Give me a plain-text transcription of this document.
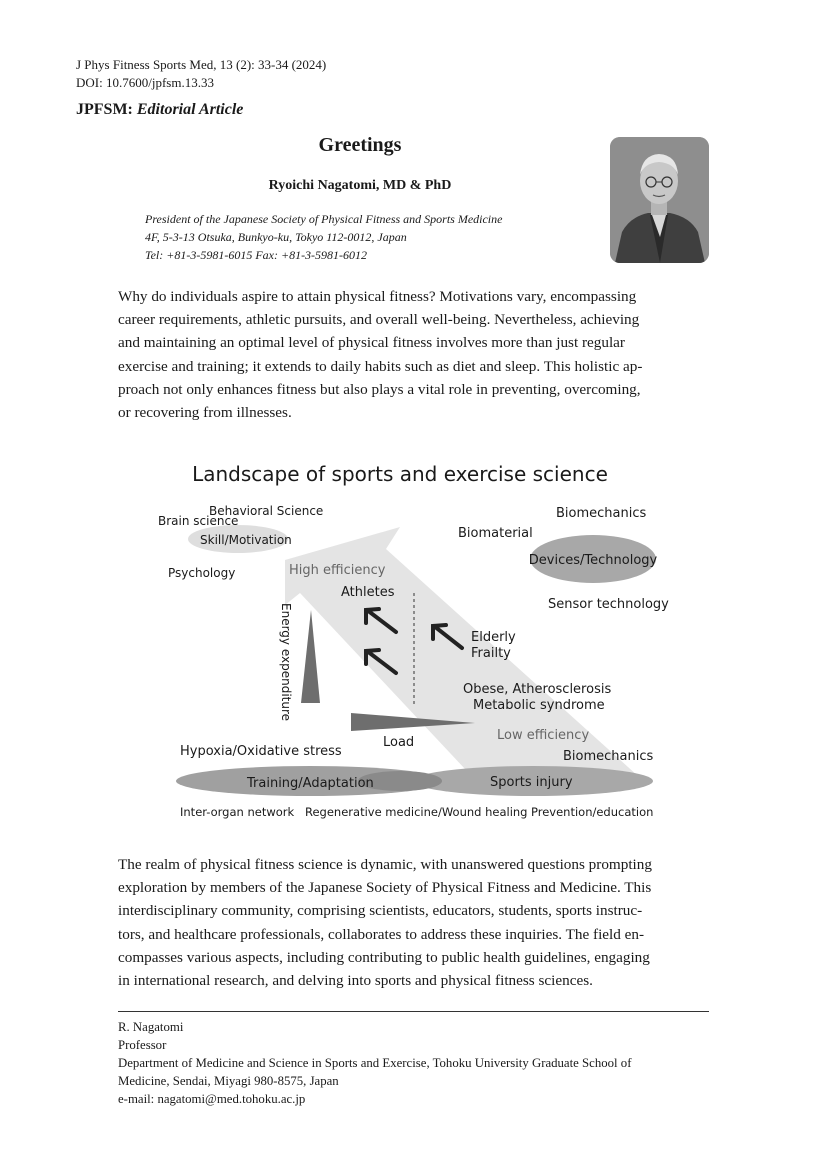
J Phys Fitness Sports Med, 13 (2): 33-34 (2024)
DOI: 10.7600/jpfsm.13.33
JPFSM: Editorial Article
Greetings
Ryoichi Nagatomi, MD & PhD
President of the Japanese Society of Physical Fitness and Sports Medicine
4F, 5-3-13 Otsuka, Bunkyo-ku, Tokyo 112-0012, Japan
Tel: +81-3-5981-6015 Fax: +81-3-5981-6012
Why do individuals aspire to attain physical fitness? Motivations vary, encompassing
career requirements, athletic pursuits, and overall well-being. Nevertheless, achieving
and maintaining an optimal level of physical fitness involves more than just regular
exercise and training; it extends to daily habits such as diet and sleep. This holistic ap-
proach not only enhances fitness but also plays a vital role in preventing, overcoming,
or recovering from illnesses.
Landscape of sports and exercise science
Behavioral Science
Brain science
Skill/Motivation
Psychology	High efficiency
Athletes
Energy expenditure
Biomaterial
Biomechanics
Devices/Technology
Sensor technology
Elderly
Frailty
Obese, Atherosclerosis
Metabolic syndrome
Load	Low efficiency
Hypoxia/Oxidative stress	Biomechanics
Training/Adaptation	Sports injury
Inter-organ network Regenerative medicine/Wound healing Prevention/education
The realm of physical fitness science is dynamic, with unanswered questions prompting
exploration by members of the Japanese Society of Physical Fitness and Medicine. This
interdisciplinary community, comprising scientists, educators, students, sports instruc-
tors, and healthcare professionals, collaborates to address these inquiries. The field en-
compasses various aspects, including contributing to public health guidelines, engaging
in international research, and delving into sports and physical fitness sciences.
R. Nagatomi
Professor
Department of Medicine and Science in Sports and Exercise, Tohoku University Graduate School of
Medicine, Sendai, Miyagi 980-8575, Japan
e-mail: nagatomi@med.tohoku.ac.jp
